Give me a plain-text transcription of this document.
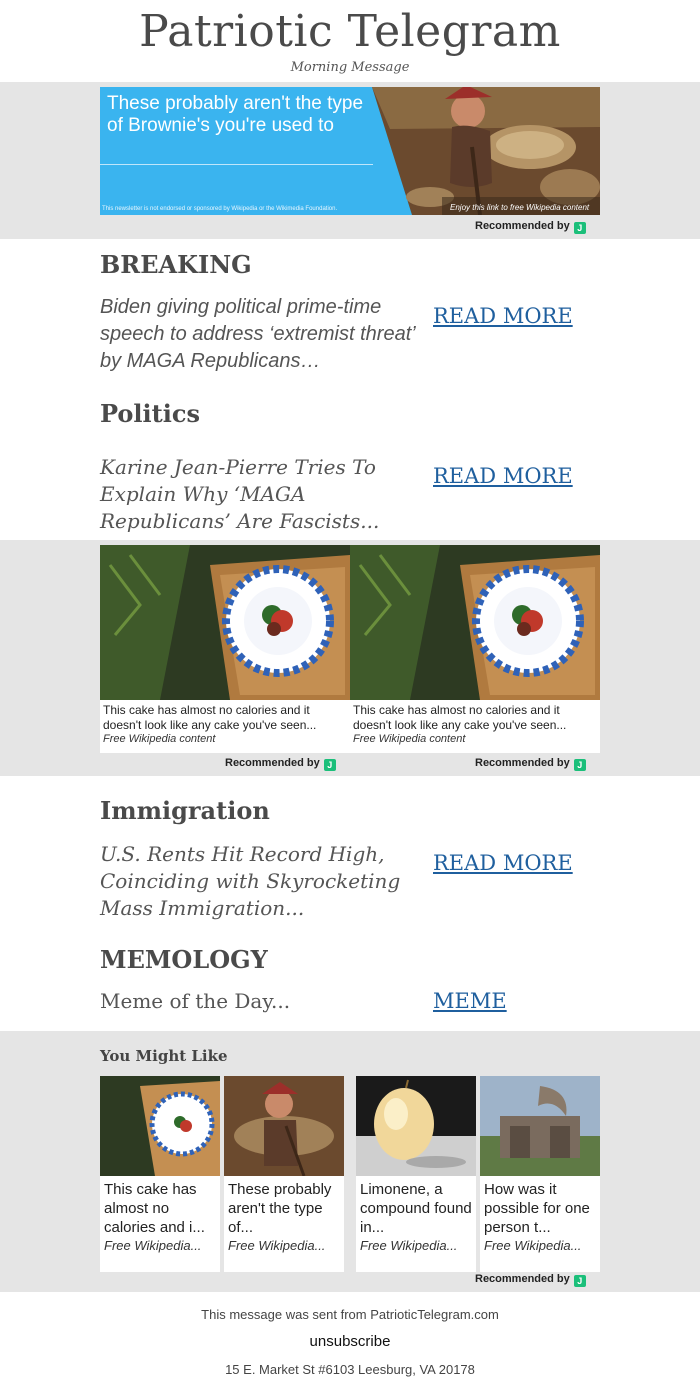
Patriotic Telegram
Morning Message
These probably aren't the type of Brownie's you're used to
This newsletter is not endorsed or sponsored by Wikipedia or the Wikimedia Foundation.	Enjoy this link to free Wikipedia content
Recommended by J
BREAKING
Biden giving political prime-time speech to address ‘extremist threat’ by MAGA Republicans…
READ MORE
Politics
Karine Jean-Pierre Tries To Explain Why ‘MAGA Republicans’ Are Fascists...
READ MORE
This cake has almost no calories and it doesn't look like any cake you've seen...
Free Wikipedia content
This cake has almost no calories and it doesn't look like any cake you've seen...
Free Wikipedia content
Recommended by J	Recommended by J
Immigration
U.S. Rents Hit Record High, Coinciding with Skyrocketing Mass Immigration...
READ MORE
MEMOLOGY
Meme of the Day...	MEME
You Might Like
This cake has almost no calories and i...
Free Wikipedia...
These probably aren't the type of...
Free Wikipedia...
Limonene, a compound found in...
Free Wikipedia...
How was it possible for one person t...
Free Wikipedia...
Recommended by J
This message was sent from PatrioticTelegram.com
unsubscribe
15 E. Market St #6103 Leesburg, VA 20178
